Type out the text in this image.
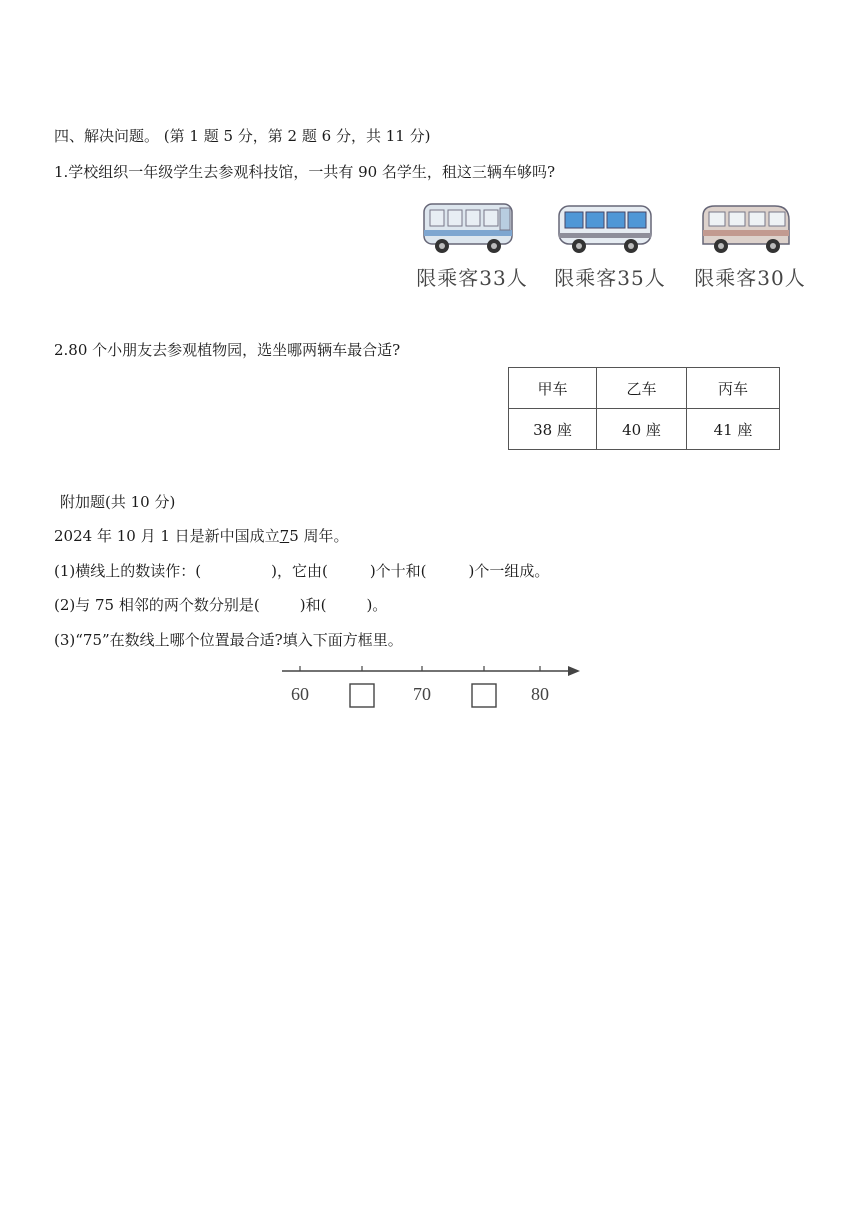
四、解决问题。 (第 1 题 5 分，第 2 题 6 分，共 11 分)
1.学校组织一年级学生去参观科技馆，一共有 90 名学生，租这三辆车够吗?
限乘客33人 限乘客35人 限乘客30人
2.80 个小朋友去参观植物园，选坐哪两辆车最合适?
甲车	乙车	丙车
38 座	40 座	41 座
附加题(共 10 分)
2024 年 10 月 1 日是新中国成立75 周年。
(1)横线上的数读作：(	)，它由(	)个十和(	)个一组成。
(2)与 75 相邻的两个数分别是(	)和(	)。
(3)“75”在数线上哪个位置最合适?填入下面方框里。
60	70	80
